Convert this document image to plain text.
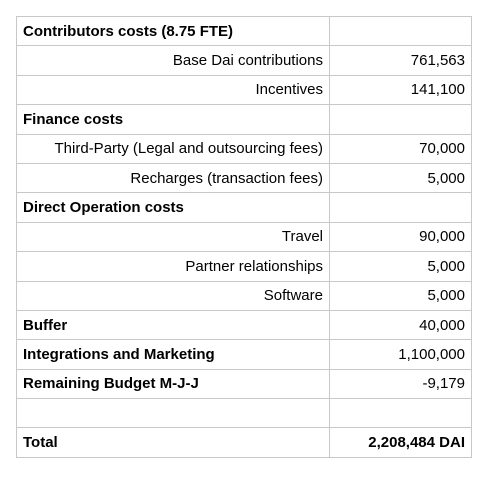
Contributors costs (8.75 FTE)	
Base Dai contributions	761,563
Incentives	141,100
Finance costs	
Third-Party (Legal and outsourcing fees)	70,000
Recharges (transaction fees)	5,000
Direct Operation costs	
Travel	90,000
Partner relationships	5,000
Software	5,000
Buffer	40,000
Integrations and Marketing	1,100,000
Remaining Budget M-J-J	-9,179

Total	2,208,484 DAI
